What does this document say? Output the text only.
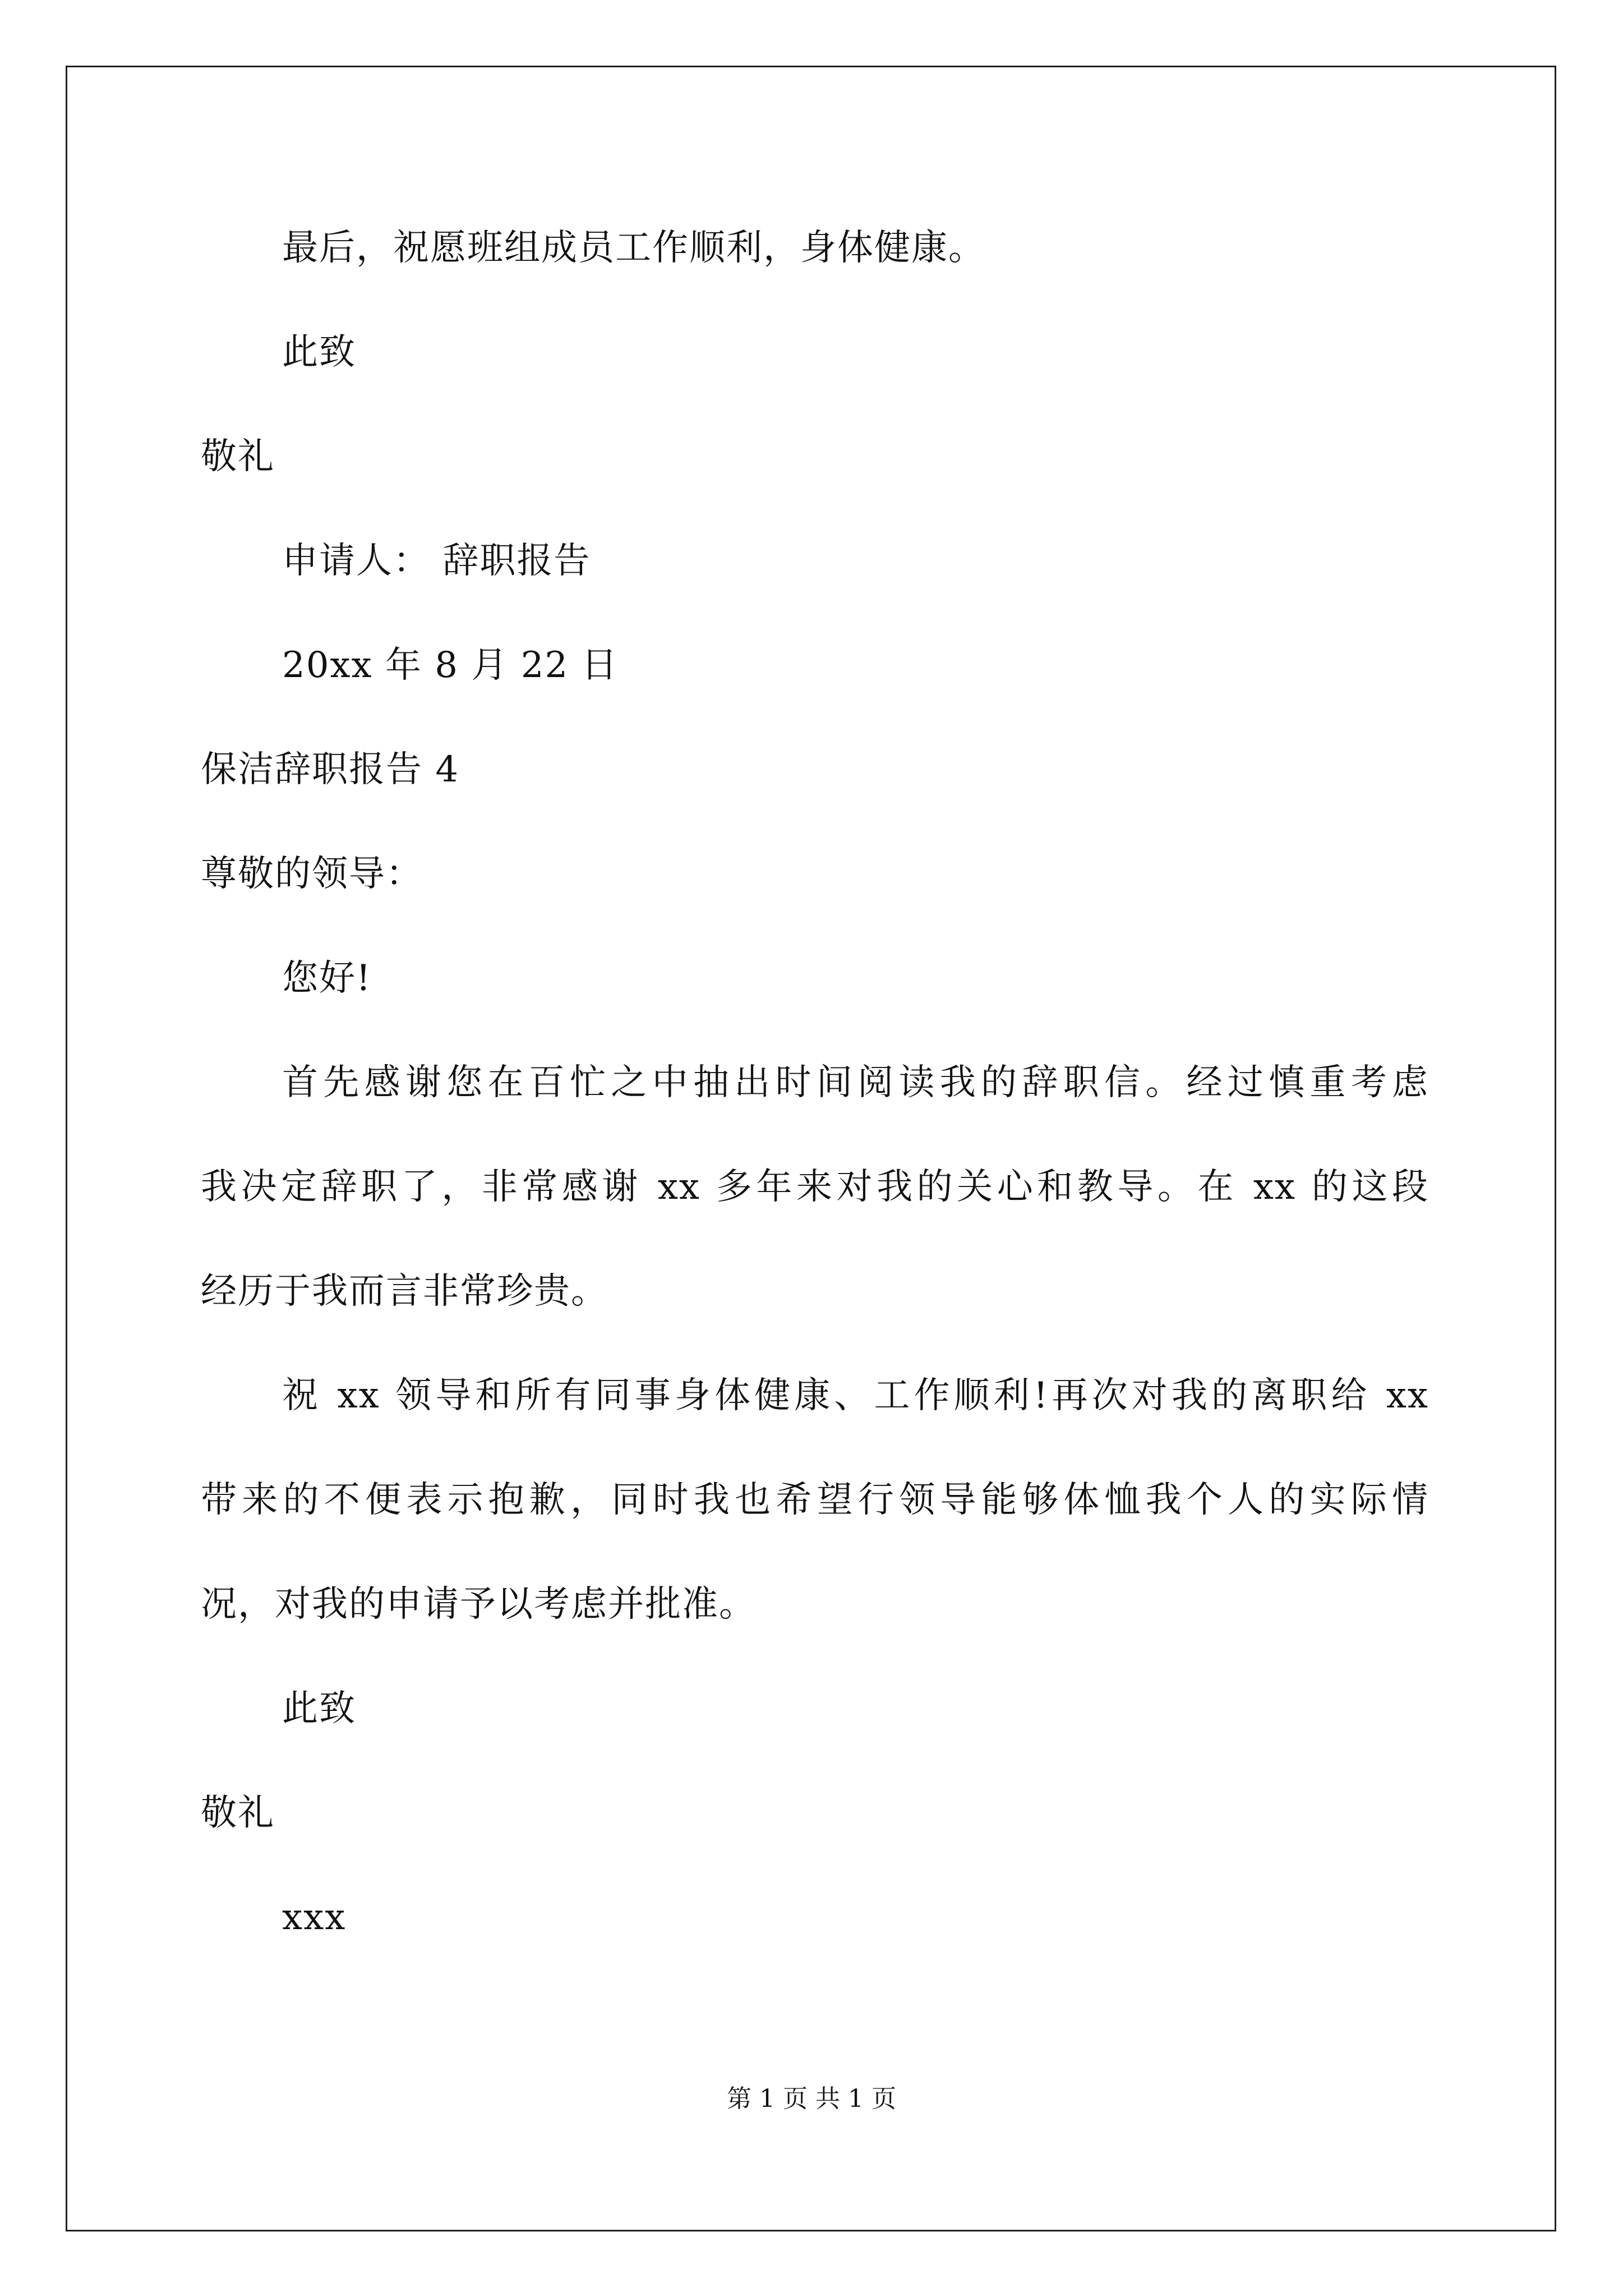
最后，祝愿班组成员工作顺利，身体健康。

此致

敬礼

申请人： 辞职报告

20xx 年 8 月 22 日

保洁辞职报告 4

尊敬的领导：

您好!

首先感谢您在百忙之中抽出时间阅读我的辞职信。经过慎重考虑

我决定辞职了，非常感谢 xx 多年来对我的关心和教导。在 xx 的这段

经历于我而言非常珍贵。

祝 xx 领导和所有同事身体健康、工作顺利!再次对我的离职给 xx

带来的不便表示抱歉，同时我也希望行领导能够体恤我个人的实际情

况，对我的申请予以考虑并批准。

此致

敬礼

xxx

第 1 页 共 1 页
